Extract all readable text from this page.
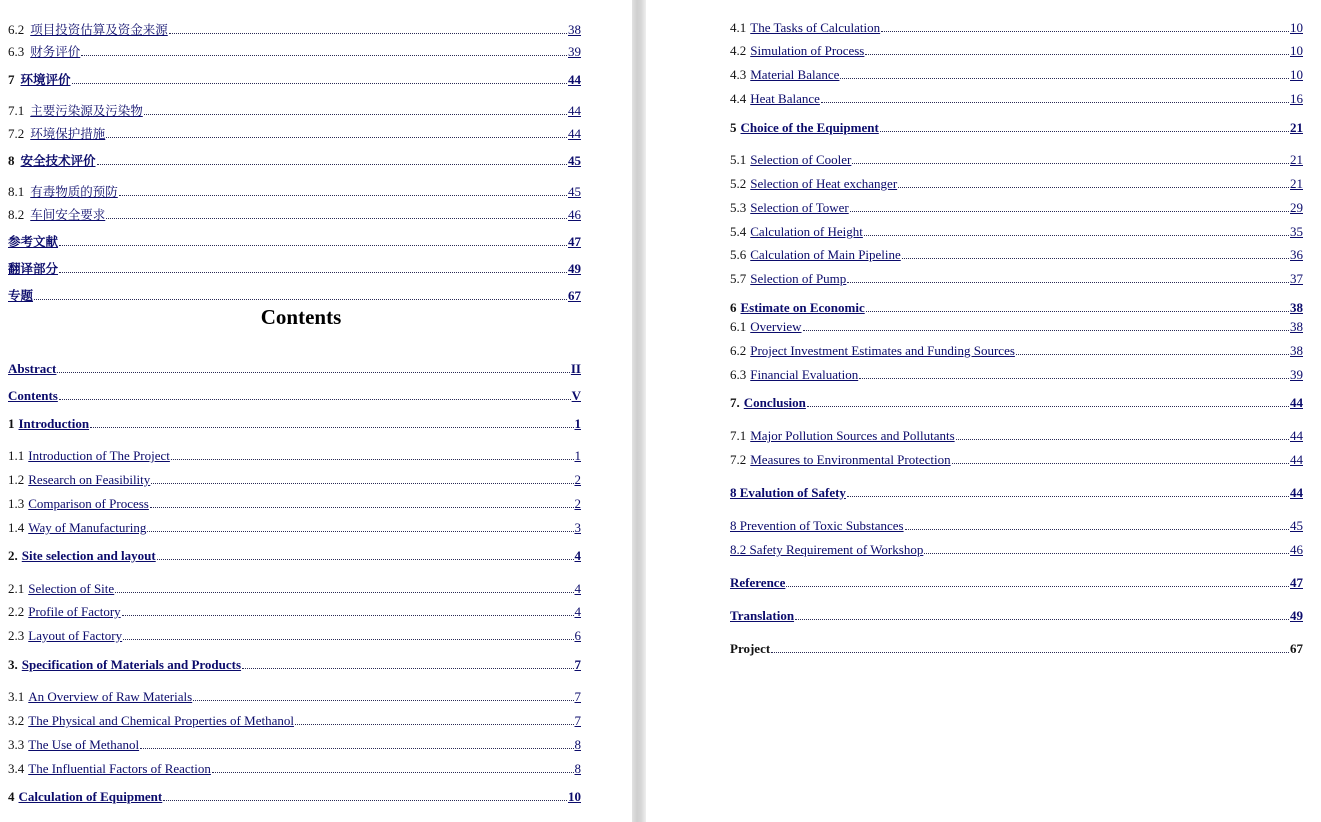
Contents
6.2 项目投资估算及资金来源	38
6.3 财务评价	39
7 环境评价	44
7.1 主要污染源及污染物	44
7.2 环境保护措施	44
8 安全技术评价	45
8.1 有毒物质的预防	45
8.2 车间安全要求	46
参考文献	47
翻译部分	49
专题	67
Abstract	II
Contents	V
1 Introduction	1
1.1 Introduction of The Project	1
1.2 Research on Feasibility	2
1.3 Comparison of Process	2
1.4 Way of Manufacturing	3
2. Site selection and layout	4
2.1 Selection of Site	4
2.2 Profile of Factory	4
2.3 Layout of Factory	6
3. Specification of Materials and Products	7
3.1 An Overview of Raw Materials	7
3.2 The Physical and Chemical Properties of Methanol	7
3.3 The Use of Methanol	8
3.4 The Influential Factors of Reaction	8
4 Calculation of Equipment	10
4.1 The Tasks of Calculation	10
4.2 Simulation of Process	10
4.3 Material Balance	10
4.4 Heat Balance	16
5 Choice of the Equipment	21
5.1 Selection of Cooler	21
5.2 Selection of Heat exchanger	21
5.3 Selection of Tower	29
5.4 Calculation of Height	35
5.6 Calculation of Main Pipeline	36
5.7 Selection of Pump	37
6 Estimate on Economic	38
6.1 Overview	38
6.2 Project Investment Estimates and Funding Sources	38
6.3 Financial Evaluation	39
7. Conclusion	44
7.1 Major Pollution Sources and Pollutants	44
7.2 Measures to Environmental Protection	44
8 Evalution of Safety	44
8 Prevention of Toxic Substances	45
8.2 Safety Requirement of Workshop	46
Reference	47
Translation	49
Project	67
